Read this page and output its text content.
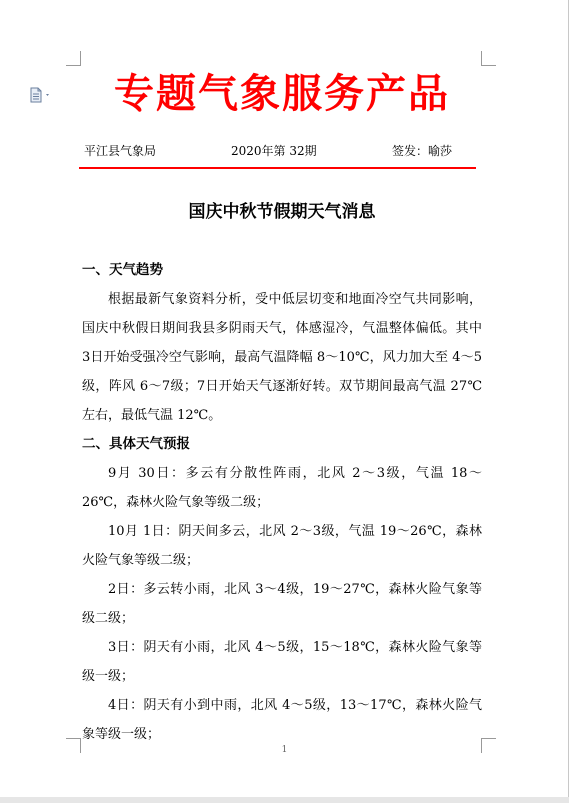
专题气象服务产品
平江县气象局	2020年第 32期	签发：喻莎
国庆中秋节假期天气消息

一、天气趋势

根据最新气象资料分析，受中低层切变和地面冷空气共同影响，国庆中秋假日期间我县多阴雨天气，体感湿冷，气温整体偏低。其中 3日开始受强冷空气影响，最高气温降幅 8～10℃，风力加大至 4～5级，阵风 6～7级；7日开始天气逐渐好转。双节期间最高气温 27℃左右，最低气温 12℃。

二、具体天气预报

9月 30日：多云有分散性阵雨，北风 2～3级，气温 18～26℃，森林火险气象等级二级；

10月 1日：阴天间多云，北风 2～3级，气温 19～26℃，森林火险气象等级二级；

2日：多云转小雨，北风 3～4级，19～27℃，森林火险气象等级二级；

3日：阴天有小雨，北风 4～5级，15～18℃，森林火险气象等级一级；

4日：阴天有小到中雨，北风 4～5级，13～17℃，森林火险气象等级一级；

1
